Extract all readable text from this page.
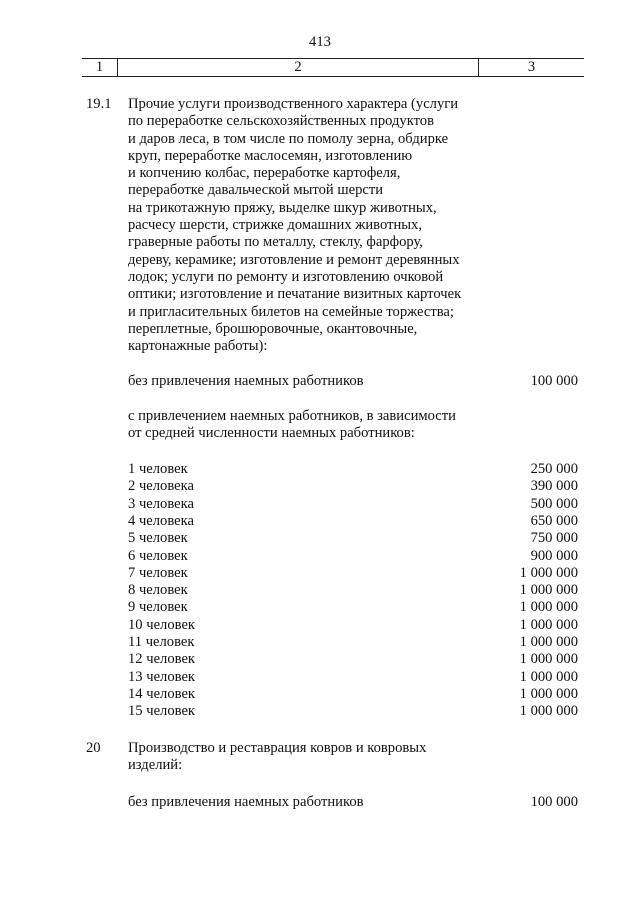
413
1	2	3
19.1 Прочие услуги производственного характера (услуги
по переработке сельскохозяйственных продуктов
и даров леса, в том числе по помолу зерна, обдирке
круп, переработке маслосемян, изготовлению
и копчению колбас, переработке картофеля,
переработке давальческой мытой шерсти
на трикотажную пряжу, выделке шкур животных,
расчесу шерсти, стрижке домашних животных,
граверные работы по металлу, стеклу, фарфору,
дереву, керамике; изготовление и ремонт деревянных
лодок; услуги по ремонту и изготовлению очковой
оптики; изготовление и печатание визитных карточек
и пригласительных билетов на семейные торжества;
переплетные, брошюровочные, окантовочные,
картонажные работы):
без привлечения наемных работников	100 000
с привлечением наемных работников, в зависимости
от средней численности наемных работников:
1 человек	250 000
2 человека	390 000
3 человека	500 000
4 человека	650 000
5 человек	750 000
6 человек	900 000
7 человек	1 000 000
8 человек	1 000 000
9 человек	1 000 000
10 человек	1 000 000
11 человек	1 000 000
12 человек	1 000 000
13 человек	1 000 000
14 человек	1 000 000
15 человек	1 000 000
20 Производство и реставрация ковров и ковровых
изделий:
без привлечения наемных работников	100 000
